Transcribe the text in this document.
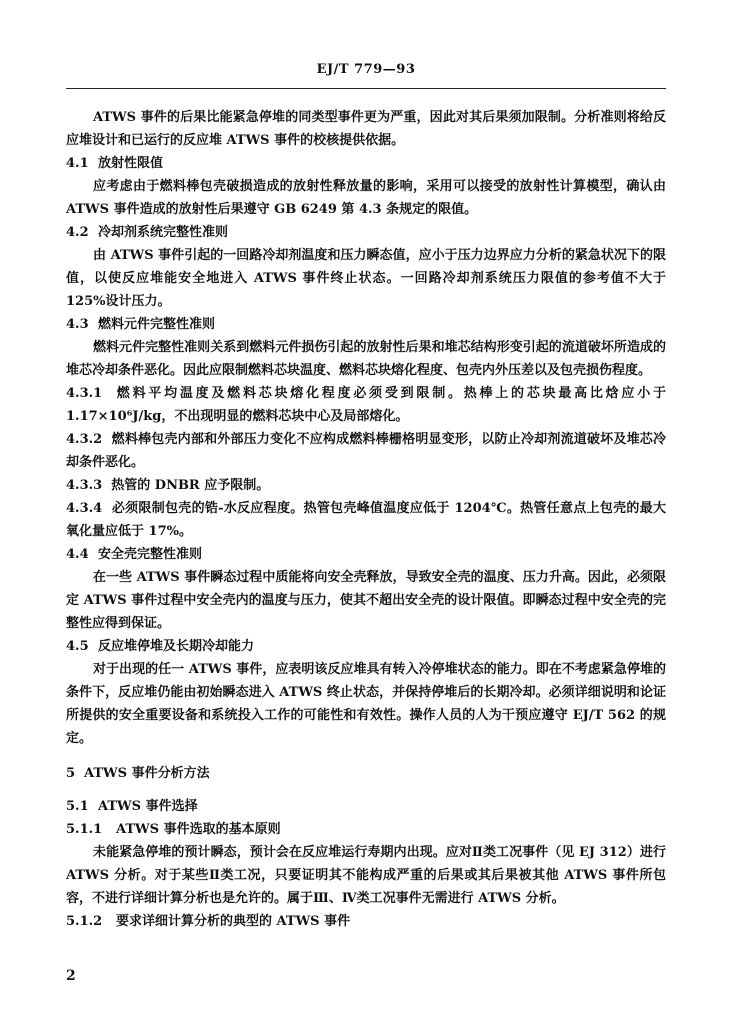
EJ/T 779—93

ATWS 事件的后果比能紧急停堆的同类型事件更为严重，因此对其后果须加限制。分析准则将给反应堆设计和已运行的反应堆 ATWS 事件的校核提供依据。

4.1 放射性限值

应考虑由于燃料棒包壳破损造成的放射性释放量的影响，采用可以接受的放射性计算模型，确认由 ATWS 事件造成的放射性后果遵守 GB 6249 第 4.3 条规定的限值。

4.2 冷却剂系统完整性准则

由 ATWS 事件引起的一回路冷却剂温度和压力瞬态值，应小于压力边界应力分析的紧急状况下的限值，以使反应堆能安全地进入 ATWS 事件终止状态。一回路冷却剂系统压力限值的参考值不大于 125%设计压力。

4.3 燃料元件完整性准则

燃料元件完整性准则关系到燃料元件损伤引起的放射性后果和堆芯结构形变引起的流道破坏所造成的堆芯冷却条件恶化。因此应限制燃料芯块温度、燃料芯块熔化程度、包壳内外压差以及包壳损伤程度。

4.3.1 燃料平均温度及燃料芯块熔化程度必须受到限制。热棒上的芯块最高比焓应小于 1.17×10⁶J/kg，不出现明显的燃料芯块中心及局部熔化。

4.3.2 燃料棒包壳内部和外部压力变化不应构成燃料棒栅格明显变形，以防止冷却剂流道破坏及堆芯冷却条件恶化。

4.3.3 热管的 DNBR 应予限制。

4.3.4 必须限制包壳的锆-水反应程度。热管包壳峰值温度应低于 1204℃。热管任意点上包壳的最大氧化量应低于 17%。

4.4 安全壳完整性准则

在一些 ATWS 事件瞬态过程中质能将向安全壳释放，导致安全壳的温度、压力升高。因此，必须限定 ATWS 事件过程中安全壳内的温度与压力，使其不超出安全壳的设计限值。即瞬态过程中安全壳的完整性应得到保证。

4.5 反应堆停堆及长期冷却能力

对于出现的任一 ATWS 事件，应表明该反应堆具有转入冷停堆状态的能力。即在不考虑紧急停堆的条件下，反应堆仍能由初始瞬态进入 ATWS 终止状态，并保持停堆后的长期冷却。必须详细说明和论证所提供的安全重要设备和系统投入工作的可能性和有效性。操作人员的人为干预应遵守 EJ/T 562 的规定。

5 ATWS 事件分析方法

5.1 ATWS 事件选择

5.1.1 ATWS 事件选取的基本原则

未能紧急停堆的预计瞬态，预计会在反应堆运行寿期内出现。应对Ⅱ类工况事件（见 EJ 312）进行 ATWS 分析。对于某些Ⅱ类工况，只要证明其不能构成严重的后果或其后果被其他 ATWS 事件所包容，不进行详细计算分析也是允许的。属于Ⅲ、Ⅳ类工况事件无需进行 ATWS 分析。

5.1.2 要求详细计算分析的典型的 ATWS 事件

2
